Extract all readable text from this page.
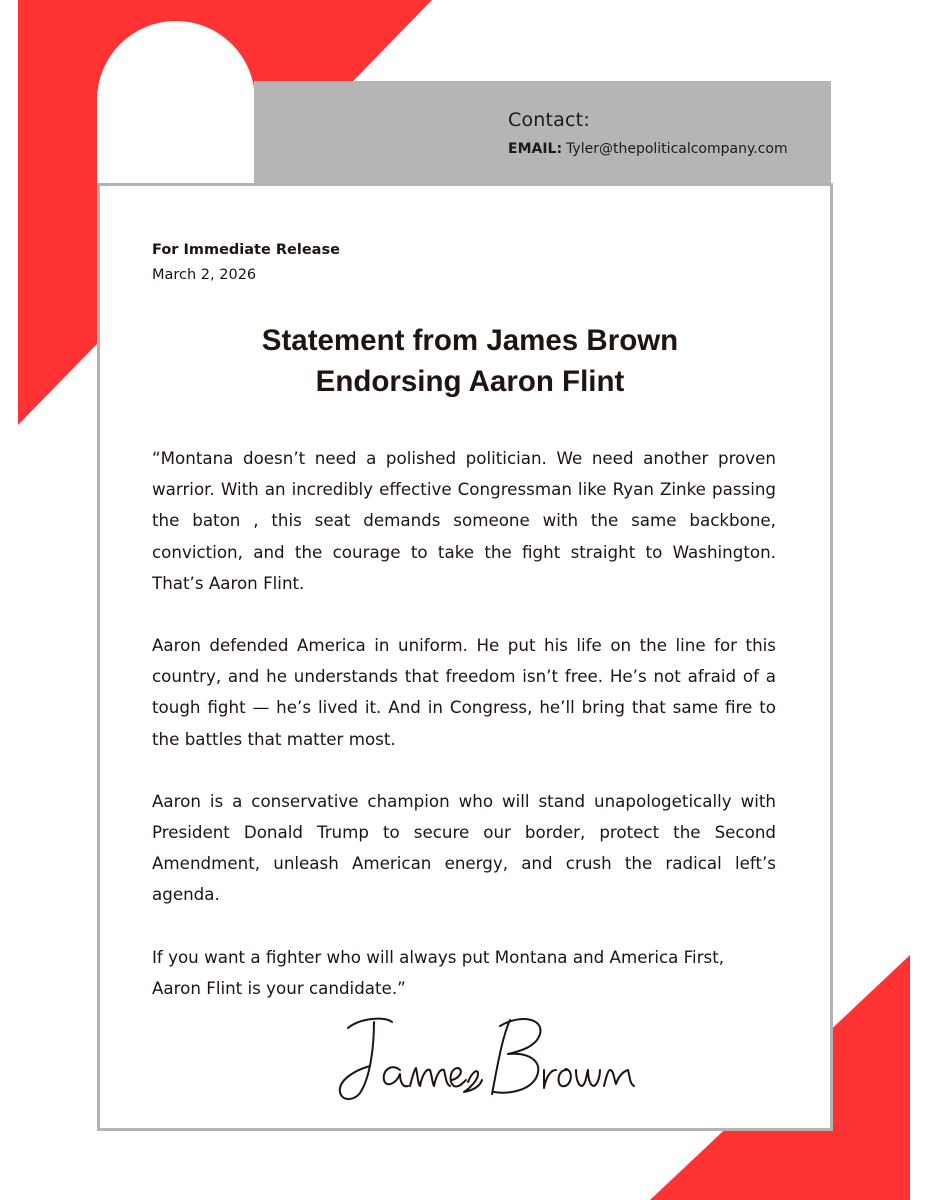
Contact:
EMAIL: Tyler@thepoliticalcompany.com
For Immediate Release
March 2, 2026
Statement from James Brown
Endorsing Aaron Flint

“Montana doesn’t need a polished politician. We need another proven warrior. With an incredibly effective Congressman like Ryan Zinke passing the baton , this seat demands someone with the same backbone, conviction, and the courage to take the fight straight to Washington. That’s Aaron Flint.

Aaron defended America in uniform. He put his life on the line for this country, and he understands that freedom isn’t free. He’s not afraid of a tough fight — he’s lived it. And in Congress, he’ll bring that same fire to the battles that matter most.

Aaron is a conservative champion who will stand unapologetically with President Donald Trump to secure our border, protect the Second Amendment, unleash American energy, and crush the radical left’s agenda.

If you want a fighter who will always put Montana and America First, Aaron Flint is your candidate.”
